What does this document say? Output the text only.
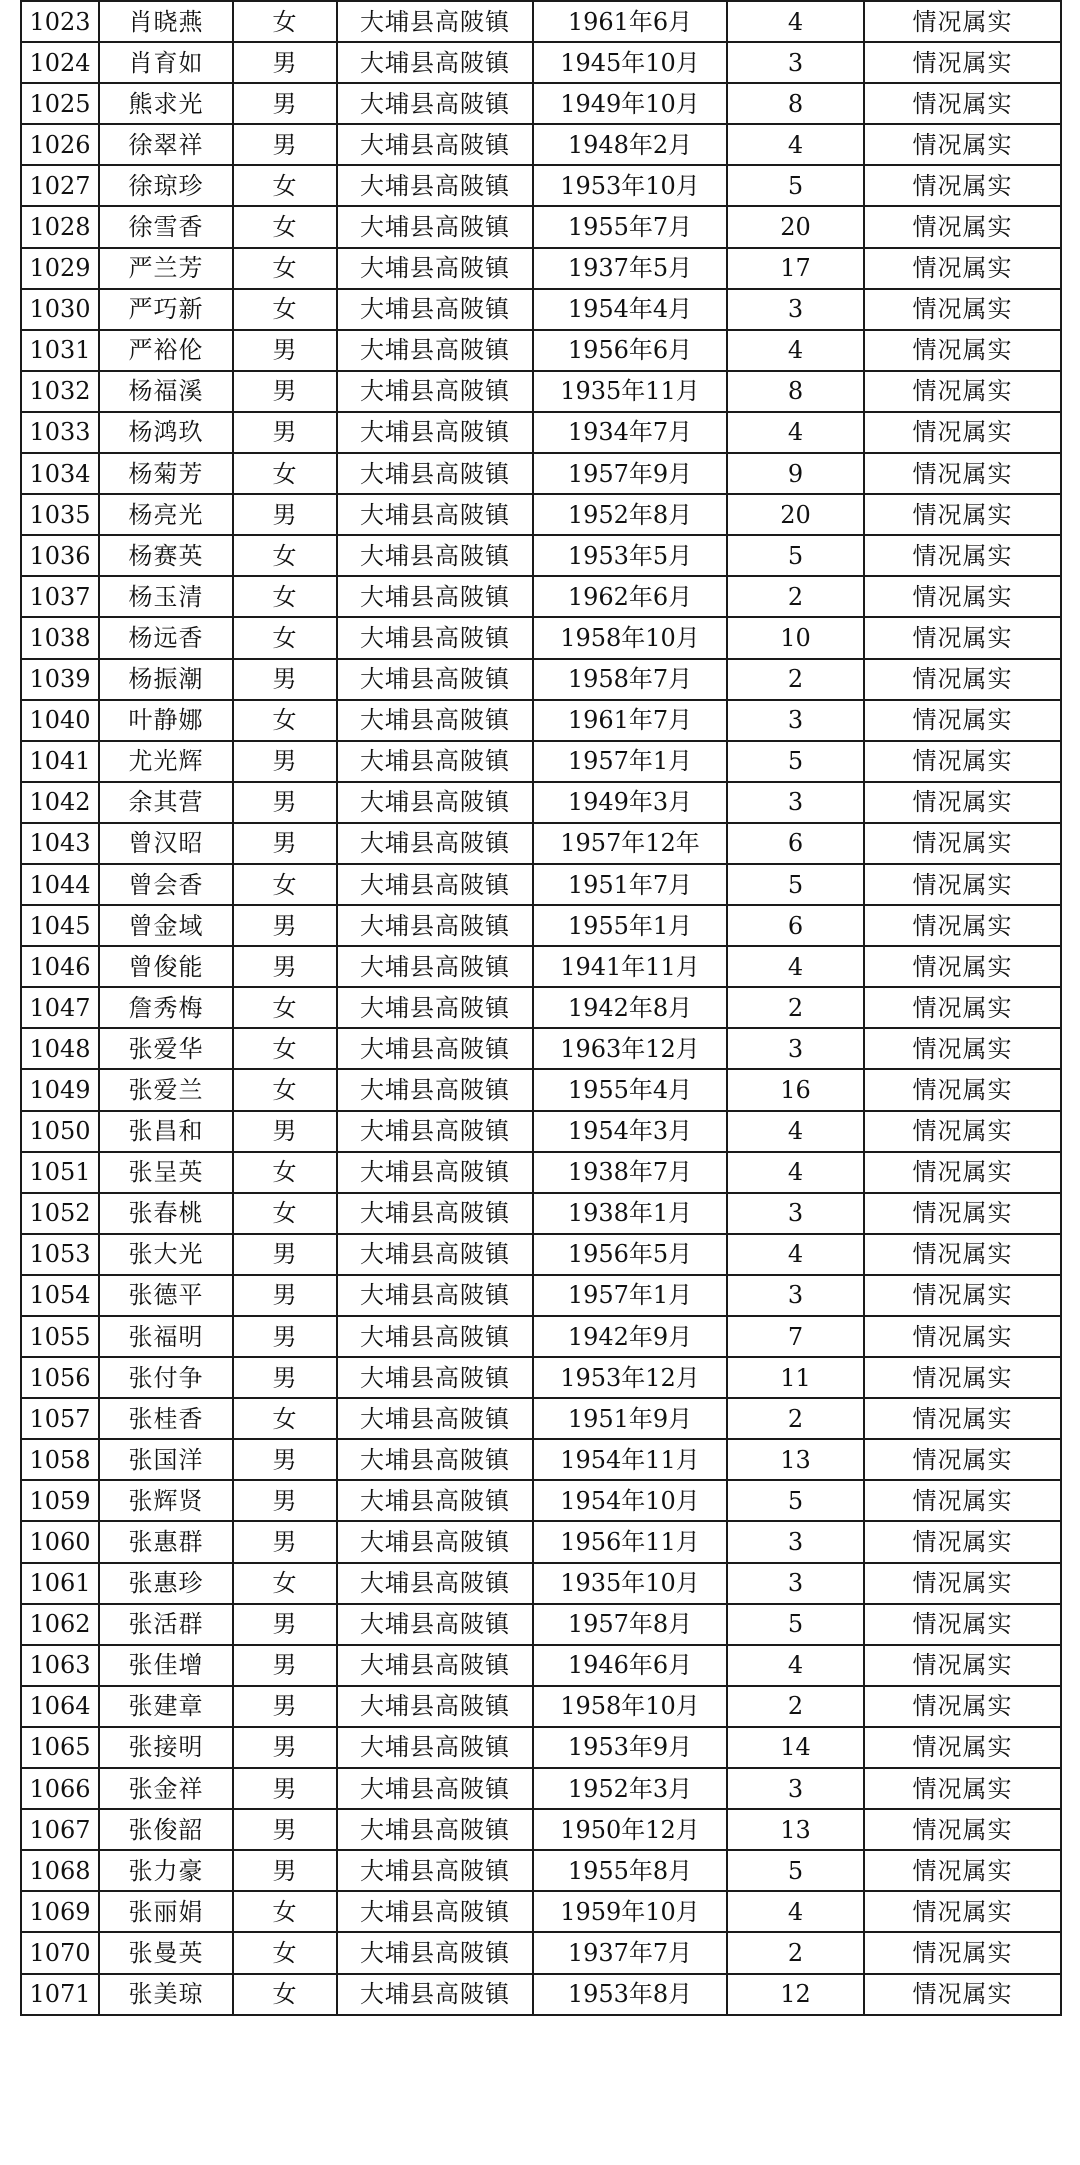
1023	肖晓燕	女	大埔县高陂镇	1961年6月	4	情况属实
1024	肖育如	男	大埔县高陂镇	1945年10月	3	情况属实
1025	熊求光	男	大埔县高陂镇	1949年10月	8	情况属实
1026	徐翠祥	男	大埔县高陂镇	1948年2月	4	情况属实
1027	徐琼珍	女	大埔县高陂镇	1953年10月	5	情况属实
1028	徐雪香	女	大埔县高陂镇	1955年7月	20	情况属实
1029	严兰芳	女	大埔县高陂镇	1937年5月	17	情况属实
1030	严巧新	女	大埔县高陂镇	1954年4月	3	情况属实
1031	严裕伦	男	大埔县高陂镇	1956年6月	4	情况属实
1032	杨福溪	男	大埔县高陂镇	1935年11月	8	情况属实
1033	杨鸿玖	男	大埔县高陂镇	1934年7月	4	情况属实
1034	杨菊芳	女	大埔县高陂镇	1957年9月	9	情况属实
1035	杨亮光	男	大埔县高陂镇	1952年8月	20	情况属实
1036	杨赛英	女	大埔县高陂镇	1953年5月	5	情况属实
1037	杨玉清	女	大埔县高陂镇	1962年6月	2	情况属实
1038	杨远香	女	大埔县高陂镇	1958年10月	10	情况属实
1039	杨振潮	男	大埔县高陂镇	1958年7月	2	情况属实
1040	叶静娜	女	大埔县高陂镇	1961年7月	3	情况属实
1041	尤光辉	男	大埔县高陂镇	1957年1月	5	情况属实
1042	余其营	男	大埔县高陂镇	1949年3月	3	情况属实
1043	曾汉昭	男	大埔县高陂镇	1957年12年	6	情况属实
1044	曾会香	女	大埔县高陂镇	1951年7月	5	情况属实
1045	曾金域	男	大埔县高陂镇	1955年1月	6	情况属实
1046	曾俊能	男	大埔县高陂镇	1941年11月	4	情况属实
1047	詹秀梅	女	大埔县高陂镇	1942年8月	2	情况属实
1048	张爱华	女	大埔县高陂镇	1963年12月	3	情况属实
1049	张爱兰	女	大埔县高陂镇	1955年4月	16	情况属实
1050	张昌和	男	大埔县高陂镇	1954年3月	4	情况属实
1051	张呈英	女	大埔县高陂镇	1938年7月	4	情况属实
1052	张春桃	女	大埔县高陂镇	1938年1月	3	情况属实
1053	张大光	男	大埔县高陂镇	1956年5月	4	情况属实
1054	张德平	男	大埔县高陂镇	1957年1月	3	情况属实
1055	张福明	男	大埔县高陂镇	1942年9月	7	情况属实
1056	张付争	男	大埔县高陂镇	1953年12月	11	情况属实
1057	张桂香	女	大埔县高陂镇	1951年9月	2	情况属实
1058	张国洋	男	大埔县高陂镇	1954年11月	13	情况属实
1059	张辉贤	男	大埔县高陂镇	1954年10月	5	情况属实
1060	张惠群	男	大埔县高陂镇	1956年11月	3	情况属实
1061	张惠珍	女	大埔县高陂镇	1935年10月	3	情况属实
1062	张活群	男	大埔县高陂镇	1957年8月	5	情况属实
1063	张佳增	男	大埔县高陂镇	1946年6月	4	情况属实
1064	张建章	男	大埔县高陂镇	1958年10月	2	情况属实
1065	张接明	男	大埔县高陂镇	1953年9月	14	情况属实
1066	张金祥	男	大埔县高陂镇	1952年3月	3	情况属实
1067	张俊韶	男	大埔县高陂镇	1950年12月	13	情况属实
1068	张力豪	男	大埔县高陂镇	1955年8月	5	情况属实
1069	张丽娟	女	大埔县高陂镇	1959年10月	4	情况属实
1070	张曼英	女	大埔县高陂镇	1937年7月	2	情况属实
1071	张美琼	女	大埔县高陂镇	1953年8月	12	情况属实
